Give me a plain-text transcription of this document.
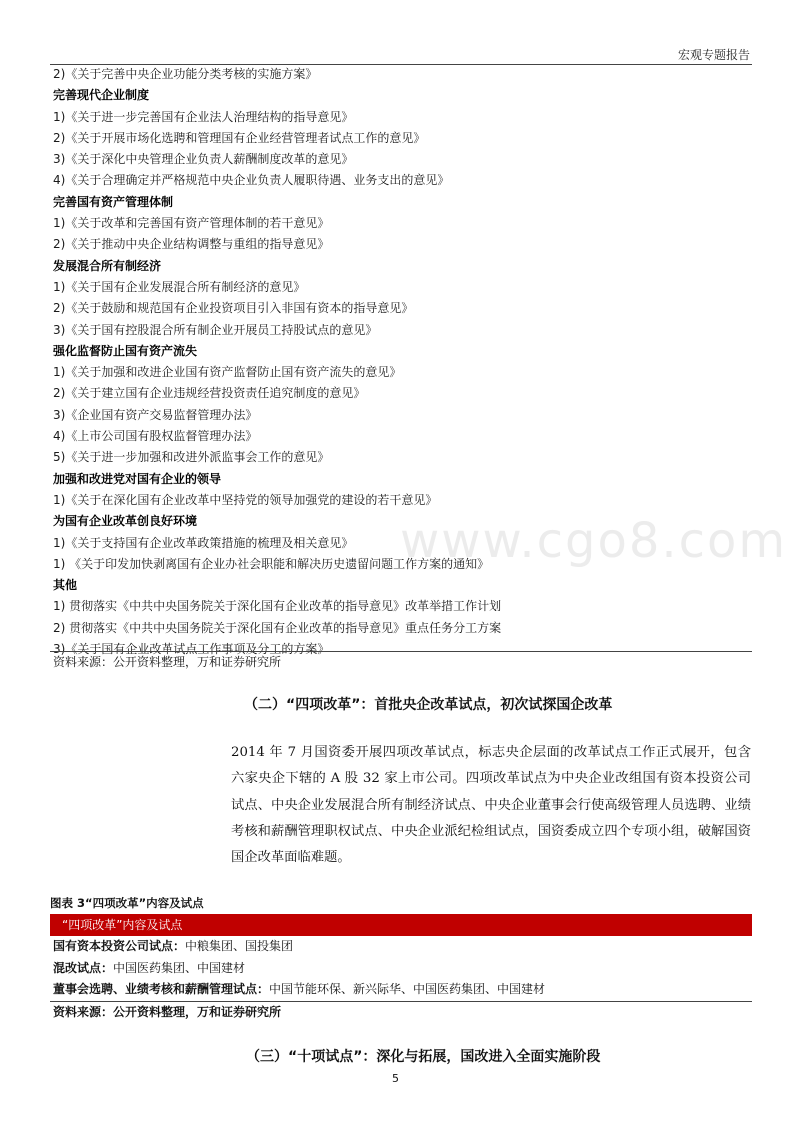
宏观专题报告
www.cgo8.com
2)《关于完善中央企业功能分类考核的实施方案》
完善现代企业制度
1)《关于进一步完善国有企业法人治理结构的指导意见》
2)《关于开展市场化选聘和管理国有企业经营管理者试点工作的意见》
3)《关于深化中央管理企业负责人薪酬制度改革的意见》
4)《关于合理确定并严格规范中央企业负责人履职待遇、业务支出的意见》
完善国有资产管理体制
1)《关于改革和完善国有资产管理体制的若干意见》
2)《关于推动中央企业结构调整与重组的指导意见》
发展混合所有制经济
1)《关于国有企业发展混合所有制经济的意见》
2)《关于鼓励和规范国有企业投资项目引入非国有资本的指导意见》
3)《关于国有控股混合所有制企业开展员工持股试点的意见》
强化监督防止国有资产流失
1)《关于加强和改进企业国有资产监督防止国有资产流失的意见》
2)《关于建立国有企业违规经营投资责任追究制度的意见》
3)《企业国有资产交易监督管理办法》
4)《上市公司国有股权监督管理办法》
5)《关于进一步加强和改进外派监事会工作的意见》
加强和改进党对国有企业的领导
1)《关于在深化国有企业改革中坚持党的领导加强党的建设的若干意见》
为国有企业改革创良好环境
1)《关于支持国有企业改革政策措施的梳理及相关意见》
1) 《关于印发加快剥离国有企业办社会职能和解决历史遗留问题工作方案的通知》
其他
1) 贯彻落实《中共中央国务院关于深化国有企业改革的指导意见》改革举措工作计划
2) 贯彻落实《中共中央国务院关于深化国有企业改革的指导意见》重点任务分工方案
3)《关于国有企业改革试点工作事项及分工的方案》
资料来源：公开资料整理，万和证券研究所
（二）“四项改革”：首批央企改革试点，初次试探国企改革
2014 年 7 月国资委开展四项改革试点，标志央企层面的改革试点工作正式展开，包含六家央企下辖的 A 股 32 家上市公司。四项改革试点为中央企业改组国有资本投资公司试点、中央企业发展混合所有制经济试点、中央企业董事会行使高级管理人员选聘、业绩考核和薪酬管理职权试点、中央企业派纪检组试点，国资委成立四个专项小组，破解国资国企改革面临难题。
图表 3“四项改革”内容及试点
“四项改革”内容及试点
国有资本投资公司试点：中粮集团、国投集团
混改试点：中国医药集团、中国建材
董事会选聘、业绩考核和薪酬管理试点：中国节能环保、新兴际华、中国医药集团、中国建材
资料来源：公开资料整理，万和证券研究所
（三）“十项试点”：深化与拓展，国改进入全面实施阶段
5
